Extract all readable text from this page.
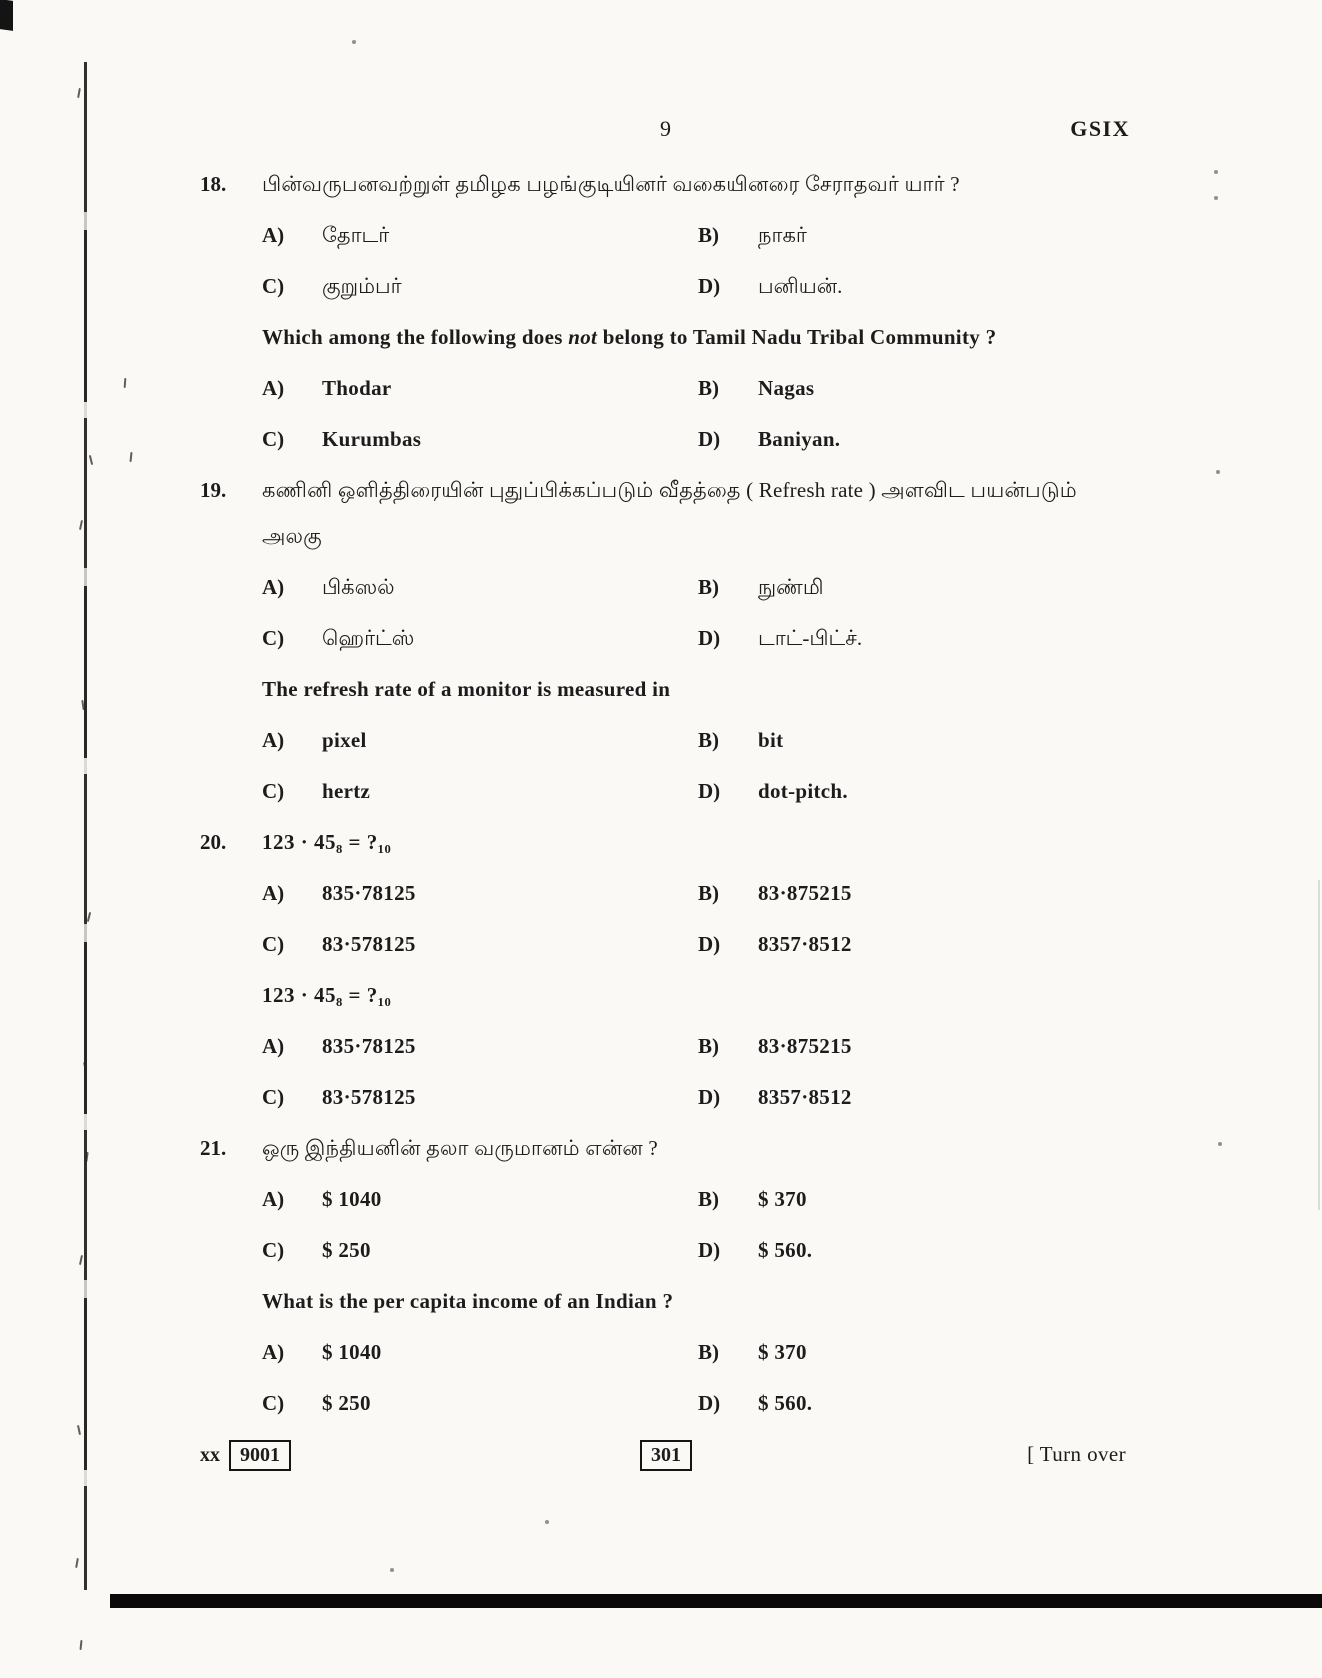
9	GSIX
18. பின்வருபனவற்றுள் தமிழக பழங்குடியினர் வகையினரை சேராதவர் யார் ?
A)	தோடர்	B)	நாகர்
C)	குறும்பர்	D)	பனியன்.
Which among the following does not belong to Tamil Nadu Tribal Community ?
A)	Thodar	B)	Nagas
C)	Kurumbas	D)	Baniyan.
19. கணினி ஒளித்திரையின் புதுப்பிக்கப்படும் வீதத்தை ( Refresh rate ) அளவிட பயன்படும்
அலகு
A)	பிக்ஸல்	B)	நுண்மி
C)	ஹெர்ட்ஸ்	D)	டாட்-பிட்ச்.
The refresh rate of a monitor is measured in
A)	pixel	B)	bit
C)	hertz	D)	dot-pitch.
20. 123 · 45₈ = ?₁₀
A)	835·78125	B)	83·875215
C)	83·578125	D)	8357·8512
123 · 45₈ = ?₁₀
A)	835·78125	B)	83·875215
C)	83·578125	D)	8357·8512
21. ஒரு இந்தியனின் தலா வருமானம் என்ன ?
A)	$ 1040	B)	$ 370
C)	$ 250	D)	$ 560.
What is the per capita income of an Indian ?
A)	$ 1040	B)	$ 370
C)	$ 250	D)	$ 560.
xx	9001	301	[ Turn over
